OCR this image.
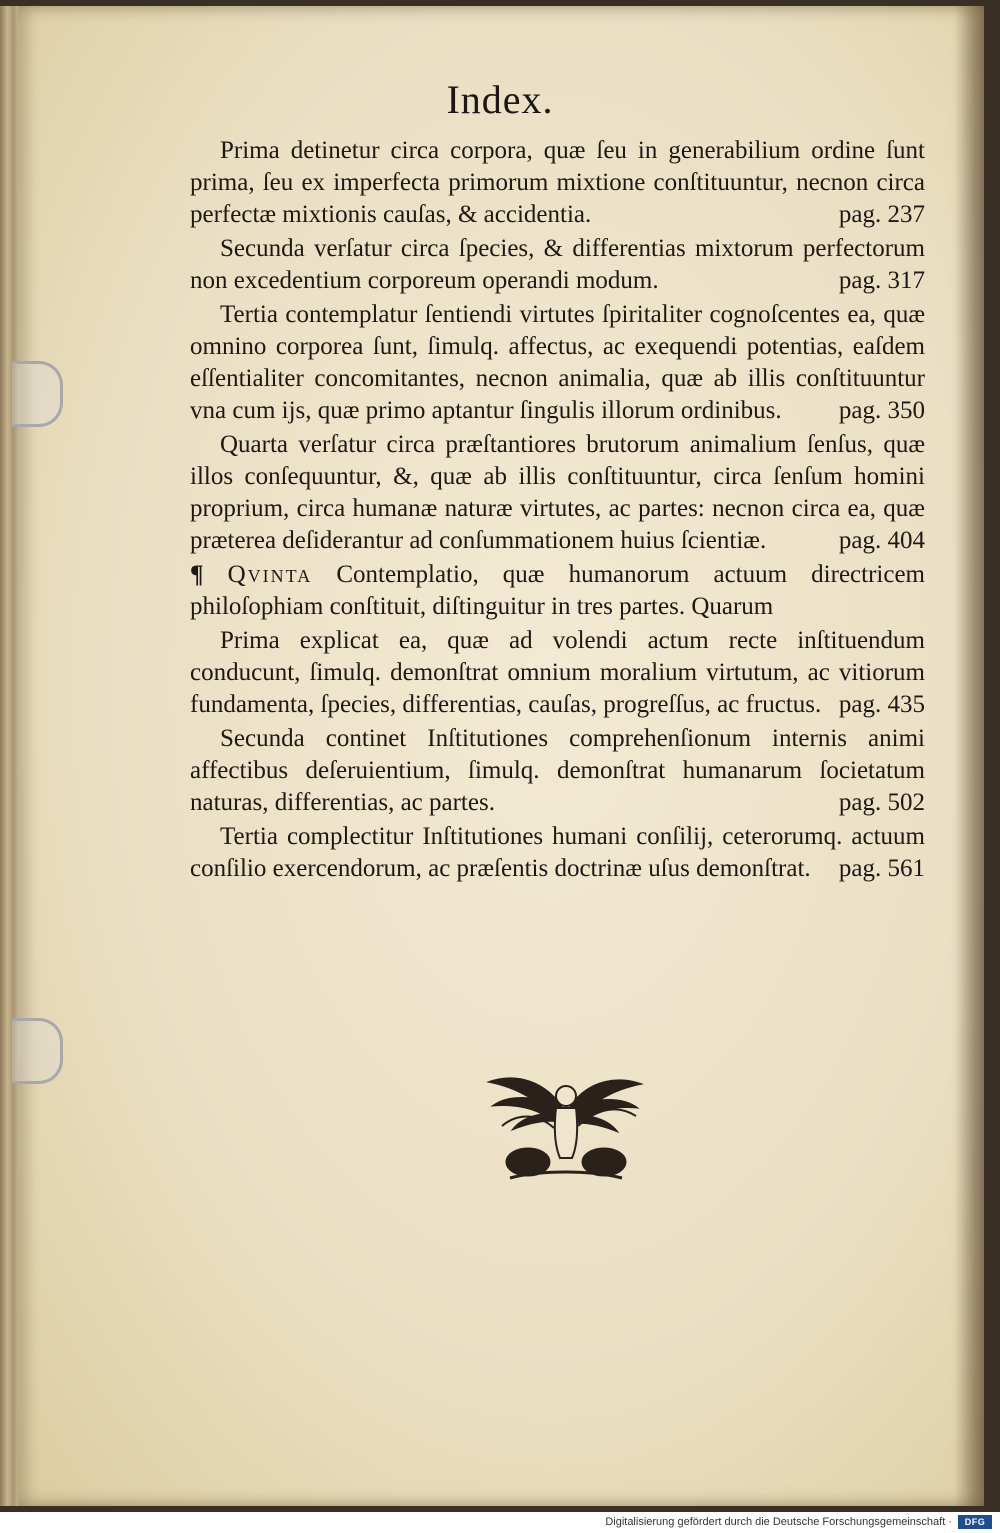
Index.
Prima detinetur circa corpora, quæ ſeu in generabilium ordine ſunt prima, ſeu ex imperfecta primorum mixtione conſtituuntur, necnon circa perfectæ mixtionis cauſas, & accidentia.	pag. 237
Secunda verſatur circa ſpecies, & differentias mixtorum perfectorum non excedentium corporeum operandi modum.	pag. 317
Tertia contemplatur ſentiendi virtutes ſpiritaliter cognoſcentes ea, quæ omnino corporea ſunt, ſimulq. affectus, ac exequendi potentias, eaſdem eſſentialiter concomitantes, necnon animalia, quæ ab illis conſtituuntur vna cum ijs, quæ primo aptantur ſingulis illorum ordinibus.	pag. 350
Quarta verſatur circa præſtantiores brutorum animalium ſenſus, quæ illos conſequuntur, &, quæ ab illis conſtituuntur, circa ſenſum homini proprium, circa humanæ naturæ virtutes, ac partes: necnon circa ea, quæ præterea deſiderantur ad conſummationem huius ſcientiæ.	pag. 404
¶ Qvinta Contemplatio, quæ humanorum actuum directricem philoſophiam conſtituit, diſtinguitur in tres partes. Quarum
Prima explicat ea, quæ ad volendi actum recte inſtituendum conducunt, ſimulq. demonſtrat omnium moralium virtutum, ac vitiorum fundamenta, ſpecies, differentias, cauſas, progreſſus, ac fructus. pag. 435
Secunda continet Inſtitutiones comprehenſionum internis animi affectibus deſeruientium, ſimulq. demonſtrat humanarum ſocietatum naturas, differentias, ac partes.	pag. 502
Tertia complectitur Inſtitutiones humani conſilij, ceterorumq. actuum conſilio exercendorum, ac præſentis doctrinæ uſus demonſtrat.	pag. 561
Digitalisierung gefördert durch die Deutsche Forschungsgemeinschaft ·	DFG
